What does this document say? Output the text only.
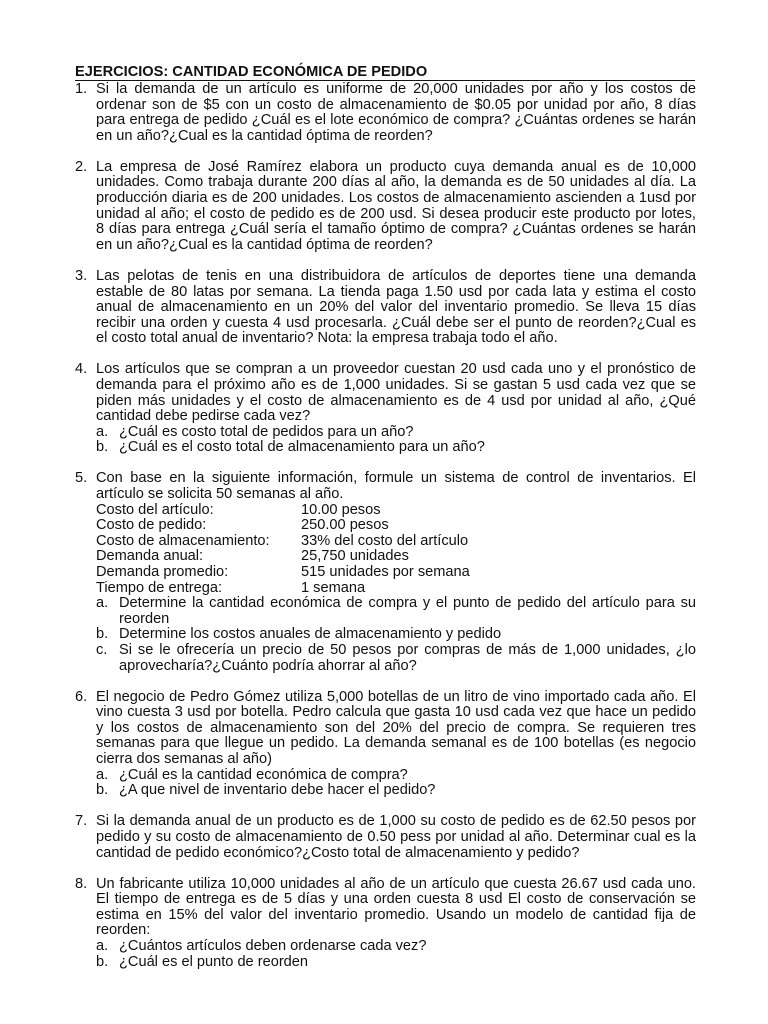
EJERCICIOS: CANTIDAD ECONÓMICA DE PEDIDO
1. Si la demanda de un artículo es uniforme de 20,000 unidades por año y los costos de ordenar son de $5 con un costo de almacenamiento de $0.05 por unidad por año, 8 días para entrega de pedido ¿Cuál es el lote económico de compra? ¿Cuántas ordenes se harán en un año?¿Cual es la cantidad óptima de reorden?
2. La empresa de José Ramírez elabora un producto cuya demanda anual es de 10,000 unidades. Como trabaja durante 200 días al año, la demanda es de 50 unidades al día. La producción diaria es de 200 unidades. Los costos de almacenamiento ascienden a 1usd por unidad al año; el costo de pedido es de 200 usd. Si desea producir este producto por lotes, 8 días para entrega ¿Cuál sería el tamaño óptimo de compra? ¿Cuántas ordenes se harán en un año?¿Cual es la cantidad óptima de reorden?
3. Las pelotas de tenis en una distribuidora de artículos de deportes tiene una demanda estable de 80 latas por semana. La tienda paga 1.50 usd por cada lata y estima el costo anual de almacenamiento en un 20% del valor del inventario promedio. Se lleva 15 días recibir una orden y cuesta 4 usd procesarla. ¿Cuál debe ser el punto de reorden?¿Cual es el costo total anual de inventario? Nota: la empresa trabaja todo el año.
4. Los artículos que se compran a un proveedor cuestan 20 usd cada uno y el pronóstico de demanda para el próximo año es de 1,000 unidades. Si se gastan 5 usd cada vez que se piden más unidades y el costo de almacenamiento es de 4 usd por unidad al año, ¿Qué cantidad debe pedirse cada vez?
a. ¿Cuál es costo total de pedidos para un año?
b. ¿Cuál es el costo total de almacenamiento para un año?
5. Con base en la siguiente información, formule un sistema de control de inventarios. El artículo se solicita 50 semanas al año.
Costo del artículo:	10.00 pesos
Costo de pedido:	250.00 pesos
Costo de almacenamiento:	33% del costo del artículo
Demanda anual:	25,750 unidades
Demanda promedio:	515 unidades por semana
Tiempo de entrega:	1 semana
a. Determine la cantidad económica de compra y el punto de pedido del artículo para su reorden
b. Determine los costos anuales de almacenamiento y pedido
c. Si se le ofrecería un precio de 50 pesos por compras de más de 1,000 unidades, ¿lo aprovecharía?¿Cuánto podría ahorrar al año?
6. El negocio de Pedro Gómez utiliza 5,000 botellas de un litro de vino importado cada año. El vino cuesta 3 usd por botella. Pedro calcula que gasta 10 usd cada vez que hace un pedido y los costos de almacenamiento son del 20% del precio de compra. Se requieren tres semanas para que llegue un pedido. La demanda semanal es de 100 botellas (es negocio cierra dos semanas al año)
a. ¿Cuál es la cantidad económica de compra?
b. ¿A que nivel de inventario debe hacer el pedido?
7. Si la demanda anual de un producto es de 1,000 su costo de pedido es de 62.50 pesos por pedido y su costo de almacenamiento de 0.50 pess por unidad al año. Determinar cual es la cantidad de pedido económico?¿Costo total de almacenamiento y pedido?
8. Un fabricante utiliza 10,000 unidades al año de un artículo que cuesta 26.67 usd cada uno. El tiempo de entrega es de 5 días y una orden cuesta 8 usd El costo de conservación se estima en 15% del valor del inventario promedio. Usando un modelo de cantidad fija de reorden:
a. ¿Cuántos artículos deben ordenarse cada vez?
b. ¿Cuál es el punto de reorden
